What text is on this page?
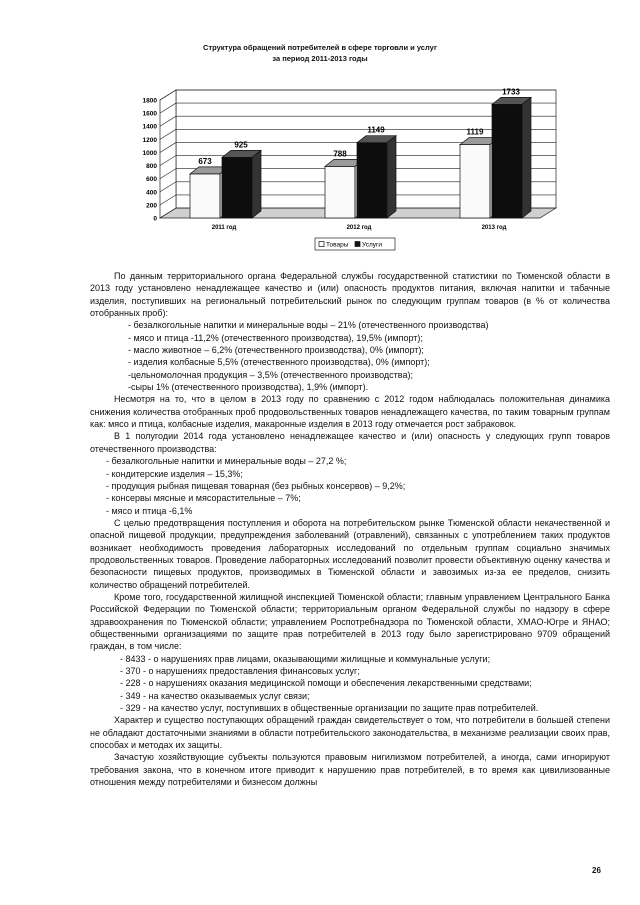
Структура обращений потребителей в сфере торговли и услуг
за период 2011-2013 годы
0
200
400
600
800
1000
1200
1400
1600
1800
673
925
2011 год
788
1149
2012 год
1119
1733
2013 год
Товары Услуги

По данным территориального органа Федеральной службы государственной статистики по Тюменской области в 2013 году установлено ненадлежащее качество и (или) опасность продуктов питания, включая напитки и табачные изделия, поступивших на региональный потребительский рынок по следующим группам товаров (в % от количества отобранных проб):

- безалкогольные напитки и минеральные воды – 21% (отечественного производства)
- мясо и птица -11,2% (отечественного производства), 19,5% (импорт);
- масло животное – 6,2% (отечественного производства), 0% (импорт);
- изделия колбасные 5,5% (отечественного производства), 0% (импорт);
-цельномолочная продукция – 3,5% (отечественного производства);
-сыры 1% (отечественного производства), 1,9% (импорт).

Несмотря на то, что в целом в 2013 году по сравнению с 2012 годом наблюдалась положительная динамика снижения количества отобранных проб продовольственных товаров ненадлежащего качества, по таким товарным группам как: мясо и птица, колбасные изделия, макаронные изделия в 2013 году отмечается рост забраковок.

В 1 полугодии 2014 года установлено ненадлежащее качество и (или) опасность у следующих групп товаров отечественного производства:

- безалкогольные напитки и минеральные воды – 27,2 %;
- кондитерские изделия – 15,3%;
- продукция рыбная пищевая товарная (без рыбных консервов) – 9,2%;
- консервы мясные и мясорастительные – 7%;
- мясо и птица -6,1%

С целью предотвращения поступления и оборота на потребительском рынке Тюменской области некачественной и опасной пищевой продукции, предупреждения заболеваний (отравлений), связанных с употреблением таких продуктов возникает необходимость проведения лабораторных исследований по отдельным группам социально значимых продовольственных товаров. Проведение лабораторных исследований позволит провести объективную оценку качества и безопасности пищевых продуктов, производимых в Тюменской области и завозимых из-за ее пределов, снизить количество обращений потребителей.

Кроме того, государственной жилищной инспекцией Тюменской области; главным управлением Центрального Банка Российской Федерации по Тюменской области; территориальным органом Федеральной службы по надзору в сфере здравоохранения по Тюменской области; управлением Роспотребнадзора по Тюменской области, ХМАО-Югре и ЯНАО; общественными организациями по защите прав потребителей в 2013 году было зарегистрировано 9709 обращений граждан, в том числе:

- 8433 - о нарушениях прав лицами, оказывающими жилищные и коммунальные услуги;

- 370 - о нарушениях предоставления финансовых услуг;

- 228 - о нарушениях оказания медицинской помощи и обеспечения лекарственными средствами;

- 349 - на качество оказываемых услуг связи;

- 329 - на качество услуг, поступивших в общественные организации по защите прав потребителей.

Характер и существо поступающих обращений граждан свидетельствует о том, что потребители в большей степени не обладают достаточными знаниями в области потребительского законодательства, в механизме реализации своих прав, способах и методах их защиты.

Зачастую хозяйствующие субъекты пользуются правовым нигилизмом потребителей, а иногда, сами игнорируют требования закона, что в конечном итоге приводит к нарушению прав потребителей, в то время как цивилизованные отношения между потребителями и бизнесом должны

26
